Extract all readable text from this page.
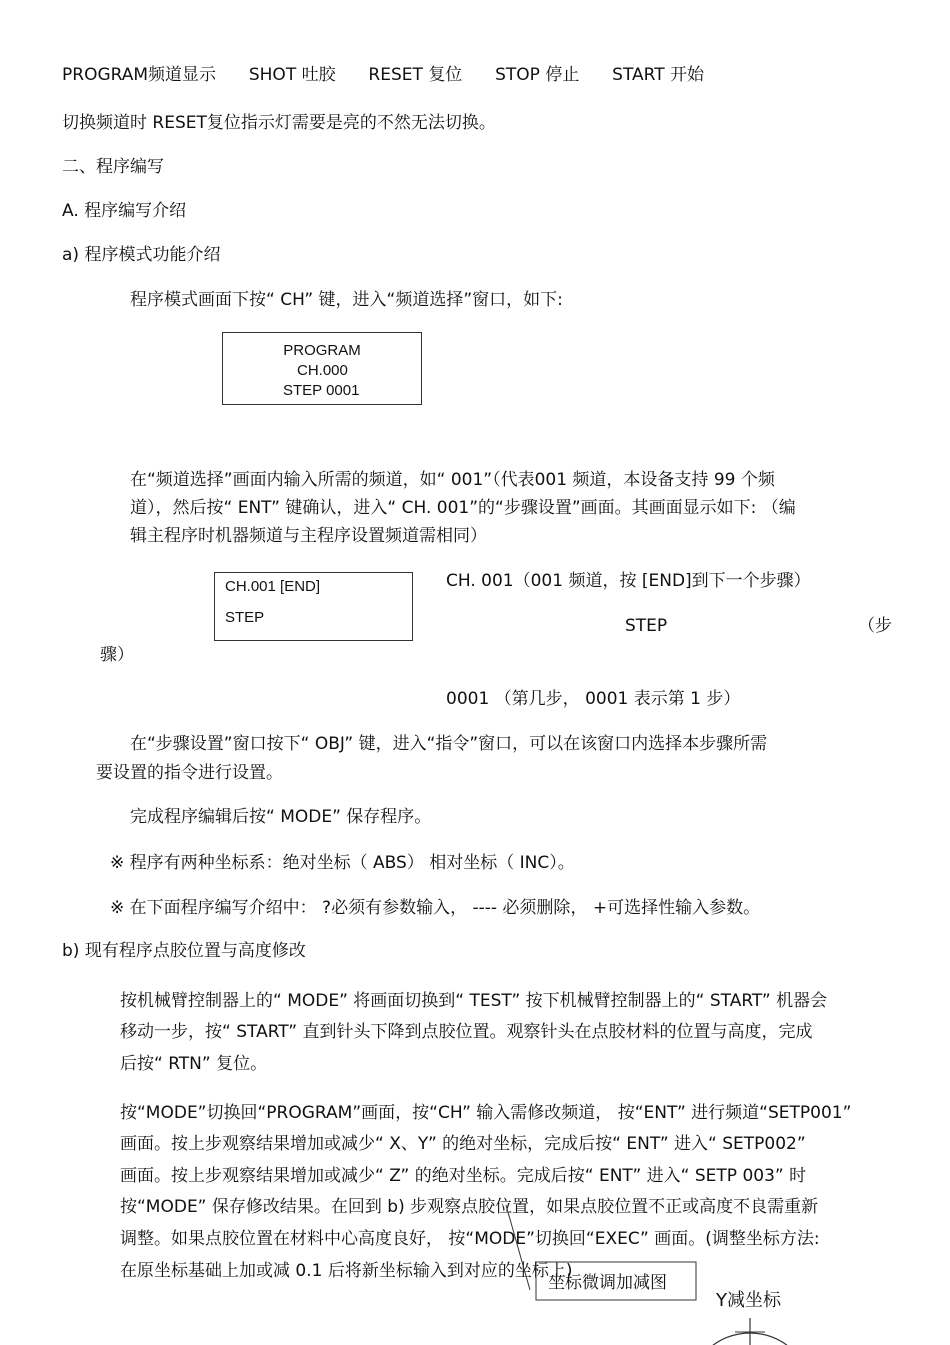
PROGRAM频道显示 SHOT 吐胶 RESET 复位 STOP 停止 START 开始
切换频道时 RESET复位指示灯需要是亮的不然无法切换。
二、程序编写
A. 程序编写介绍
a) 程序模式功能介绍
程序模式画面下按“ CH” 键，进入“频道选择”窗口，如下:
PROGRAM
CH.000
STEP 0001
在“频道选择”画面内输入所需的频道，如“ 001”（代表001 频道，本设备支持 99 个频
道），然后按“ ENT” 键确认，进入“ CH. 001”的“步骤设置”画面。其画面显示如下: （编
辑主程序时机器频道与主程序设置频道需相同）
CH.001 [END]
STEP
CH. 001（001 频道，按 [END]到下一个步骤）
STEP	（步
骤）
0001 （第几步， 0001 表示第 1 步）
在“步骤设置”窗口按下“ OBJ” 键，进入“指令”窗口，可以在该窗口内选择本步骤所需
要设置的指令进行设置。
完成程序编辑后按“ MODE” 保存程序。
※ 程序有两种坐标系：绝对坐标（ ABS） 相对坐标（ INC）。
※ 在下面程序编写介绍中： ?必须有参数输入， ---- 必须删除， +可选择性输入参数。
b) 现有程序点胶位置与高度修改
按机械臂控制器上的“ MODE” 将画面切换到“ TEST” 按下机械臂控制器上的“ START” 机器会
移动一步，按“ START” 直到针头下降到点胶位置。观察针头在点胶材料的位置与高度，完成
后按“ RTN” 复位。
按“MODE”切换回“PROGRAM”画面，按“CH” 输入需修改频道， 按“ENT” 进行频道“SETP001”
画面。按上步观察结果增加或减少“ X、Y” 的绝对坐标，完成后按“ ENT” 进入“ SETP002”
画面。按上步观察结果增加或减少“ Z” 的绝对坐标。完成后按“ ENT” 进入“ SETP 003” 时
按“MODE” 保存修改结果。在回到 b) 步观察点胶位置，如果点胶位置不正或高度不良需重新
调整。如果点胶位置在材料中心高度良好， 按“MODE”切换回“EXEC” 画面。(调整坐标方法:
在原坐标基础上加或减 0.1 后将新坐标输入到对应的坐标上)
坐标微调加减图
Y减坐标
